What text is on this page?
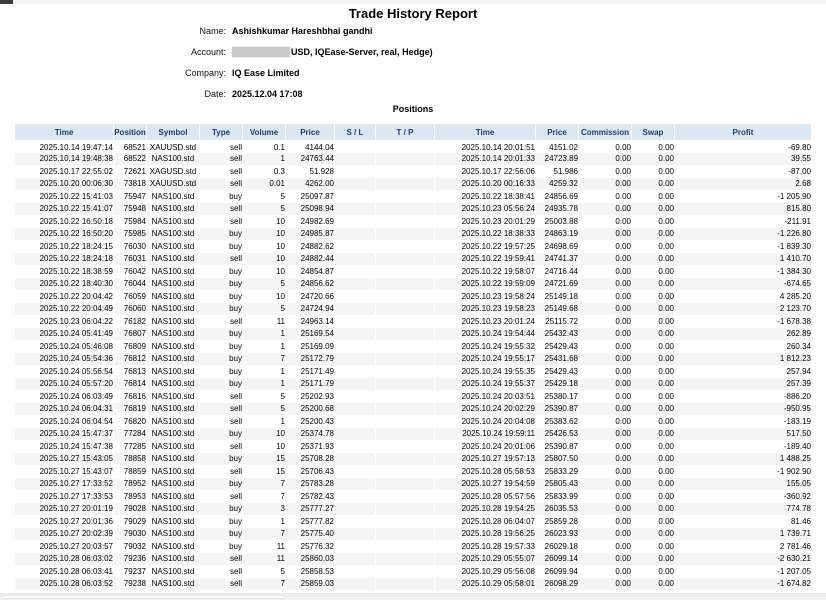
Trade History Report
Name: Ashishkumar Hareshbhai gandhi
Account:	USD, IQEase-Server, real, Hedge)
Company: IQ Ease Limited
Date: 2025.12.04 17:08
Positions
Time	Position	Symbol	Type	Volume	Price	S / L	T / P	Time	Price	Commission	Swap	Profit
2025.10.14 19:47:14	68521	XAUUSD.std	sell	0.1	4144.04			2025.10.14 20:01:51	4151.02	0.00	0.00	-69.80
2025.10.14 19:48:38	68522	NAS100.std	sell	1	24763.44			2025.10.14 20:01:33	24723.89	0.00	0.00	39.55
2025.10.17 22:55:02	72621	XAGUSD.std	sell	0.3	51.928			2025.10.17 22:56:06	51.986	0.00	0.00	-87.00
2025.10.20 00:06:30	73818	XAUUSD.std	sell	0.01	4262.00			2025.10.20 00:16:33	4259.32	0.00	0.00	2.68
2025.10.22 15:41:03	75947	NAS100.std	buy	5	25097.87			2025.10.22 18:38:41	24856.69	0.00	0.00	-1 205.90
2025.10.22 15:41:07	75948	NAS100.std	sell	5	25098.94			2025.10.23 05:56:24	24935.78	0.00	0.00	815.80
2025.10.22 16:50:18	75984	NAS100.std	sell	10	24982.69			2025.10.23 20:01:29	25003.88	0.00	0.00	-211.91
2025.10.22 16:50:20	75985	NAS100.std	buy	10	24985.87			2025.10.22 18:38:33	24863.19	0.00	0.00	-1 226.80
2025.10.22 18:24:15	76030	NAS100.std	buy	10	24882.62			2025.10.22 19:57:25	24698.69	0.00	0.00	-1 839.30
2025.10.22 18:24:18	76031	NAS100.std	sell	10	24882.44			2025.10.22 19:59:41	24741.37	0.00	0.00	1 410.70
2025.10.22 18:38:59	76042	NAS100.std	buy	10	24854.87			2025.10.22 19:58:07	24716.44	0.00	0.00	-1 384.30
2025.10.22 18:40:30	76044	NAS100.std	buy	5	24856.62			2025.10.22 19:59:09	24721.69	0.00	0.00	-674.65
2025.10.22 20:04:42	76059	NAS100.std	buy	10	24720.66			2025.10.23 19:58:24	25149.18	0.00	0.00	4 285.20
2025.10.22 20:04:49	76060	NAS100.std	buy	5	24724.94			2025.10.23 19:58:23	25149.68	0.00	0.00	2 123.70
2025.10.23 06:04:22	76182	NAS100.std	sell	11	24963.14			2025.10.23 20:01:24	25115.72	0.00	0.00	-1 678.38
2025.10.24 05:41:49	76807	NAS100.std	buy	1	25169.54			2025.10.24 19:54:44	25432.43	0.00	0.00	262.89
2025.10.24 05:46:08	76809	NAS100.std	buy	1	25169.09			2025.10.24 19:55:32	25429.43	0.00	0.00	260.34
2025.10.24 05:54:36	76812	NAS100.std	buy	7	25172.79			2025.10.24 19:55:17	25431.68	0.00	0.00	1 812.23
2025.10.24 05:56:54	76813	NAS100.std	buy	1	25171.49			2025.10.24 19:55:35	25429.43	0.00	0.00	257.94
2025.10.24 05:57:20	76814	NAS100.std	buy	1	25171.79			2025.10.24 19:55:37	25429.18	0.00	0.00	257.39
2025.10.24 06:03:49	76816	NAS100.std	sell	5	25202.93			2025.10.24 20:03:51	25380.17	0.00	0.00	-886.20
2025.10.24 06:04:31	76819	NAS100.std	sell	5	25200.68			2025.10.24 20:02:29	25390.87	0.00	0.00	-950.95
2025.10.24 06:04:54	76820	NAS100.std	sell	1	25200.43			2025.10.24 20:04:08	25383.62	0.00	0.00	-183.19
2025.10.24 15:47:37	77284	NAS100.std	buy	10	25374.78			2025.10.24 19:59:11	25426.53	0.00	0.00	517.50
2025.10.24 15:47:38	77285	NAS100.std	sell	10	25371.93			2025.10.24 20:01:06	25390.87	0.00	0.00	-189.40
2025.10.27 15:43:05	78858	NAS100.std	buy	15	25708.28			2025.10.27 19:57:13	25807.50	0.00	0.00	1 488.25
2025.10.27 15:43:07	78859	NAS100.std	sell	15	25706.43			2025.10.28 05:58:53	25833.29	0.00	0.00	-1 902.90
2025.10.27 17:33:52	78952	NAS100.std	buy	7	25783.28			2025.10.27 19:54:59	25805.43	0.00	0.00	155.05
2025.10.27 17:33:53	78953	NAS100.std	sell	7	25782.43			2025.10.28 05:57:56	25833.99	0.00	0.00	-360.92
2025.10.27 20:01:19	79028	NAS100.std	buy	3	25777.27			2025.10.28 19:54:25	26035.53	0.00	0.00	774.78
2025.10.27 20:01:36	79029	NAS100.std	buy	1	25777.82			2025.10.28 06:04:07	25859.28	0.00	0.00	81.46
2025.10.27 20:02:39	79030	NAS100.std	buy	7	25775.40			2025.10.28 19:56:25	26023.93	0.00	0.00	1 739.71
2025.10.27 20:03:57	79032	NAS100.std	buy	11	25776.32			2025.10.28 19:57:33	26029.18	0.00	0.00	2 781.46
2025.10.28 06:03:02	79236	NAS100.std	sell	11	25860.03			2025.10.29 05:55:07	26099.14	0.00	0.00	-2 630.21
2025.10.28 06:03:41	79237	NAS100.std	sell	5	25858.53			2025.10.29 05:56:08	26099.94	0.00	0.00	-1 207.05
2025.10.28 06:03:52	79238	NAS100.std	sell	7	25859.03			2025.10.29 05:58:01	26098.29	0.00	0.00	-1 674.82
